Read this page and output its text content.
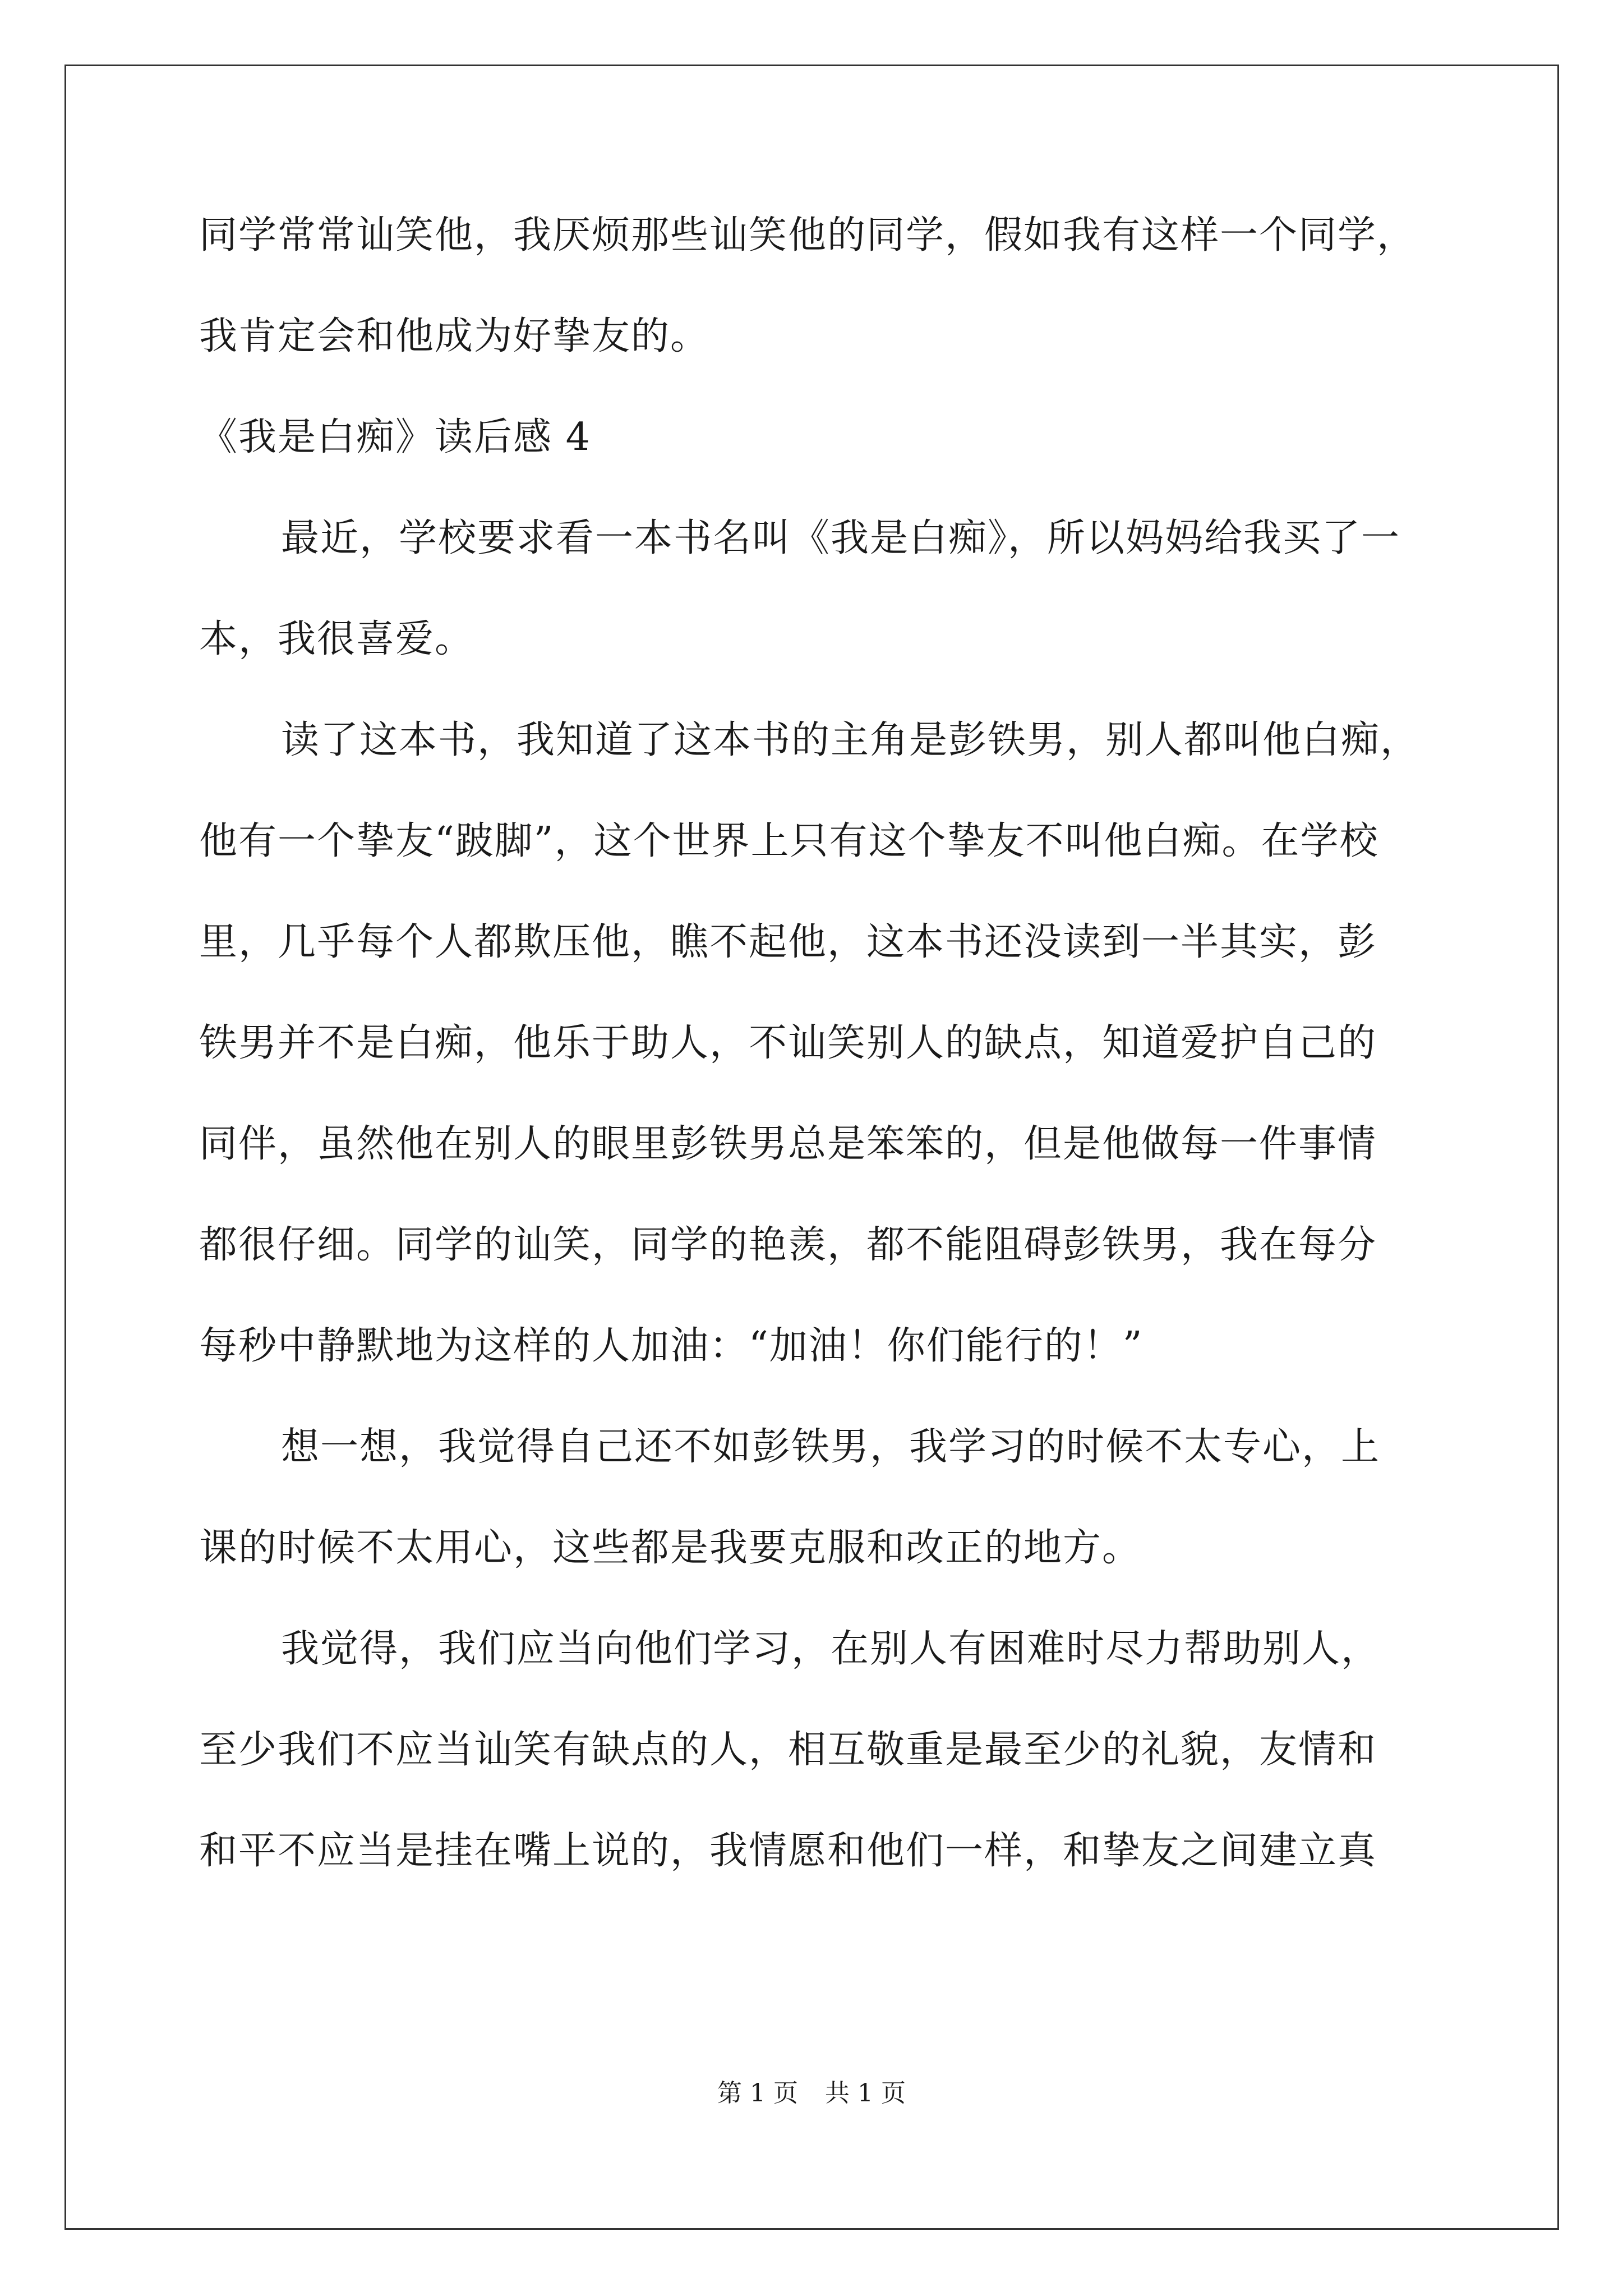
同学常常讪笑他，我厌烦那些讪笑他的同学，假如我有这样一个同学，
我肯定会和他成为好挚友的。
《我是白痴》读后感 4
最近，学校要求看一本书名叫《我是白痴》，所以妈妈给我买了一
本，我很喜爱。
读了这本书，我知道了这本书的主角是彭铁男，别人都叫他白痴，
他有一个挚友“跛脚”，这个世界上只有这个挚友不叫他白痴。在学校
里，几乎每个人都欺压他，瞧不起他，这本书还没读到一半其实，彭
铁男并不是白痴，他乐于助人，不讪笑别人的缺点，知道爱护自己的
同伴，虽然他在别人的眼里彭铁男总是笨笨的，但是他做每一件事情
都很仔细。同学的讪笑，同学的艳羡，都不能阻碍彭铁男，我在每分
每秒中静默地为这样的人加油：“加油！你们能行的！”
想一想，我觉得自己还不如彭铁男，我学习的时候不太专心，上
课的时候不太用心，这些都是我要克服和改正的地方。
我觉得，我们应当向他们学习，在别人有困难时尽力帮助别人，
至少我们不应当讪笑有缺点的人，相互敬重是最至少的礼貌，友情和
和平不应当是挂在嘴上说的，我情愿和他们一样，和挚友之间建立真
第 1 页 共 1 页
